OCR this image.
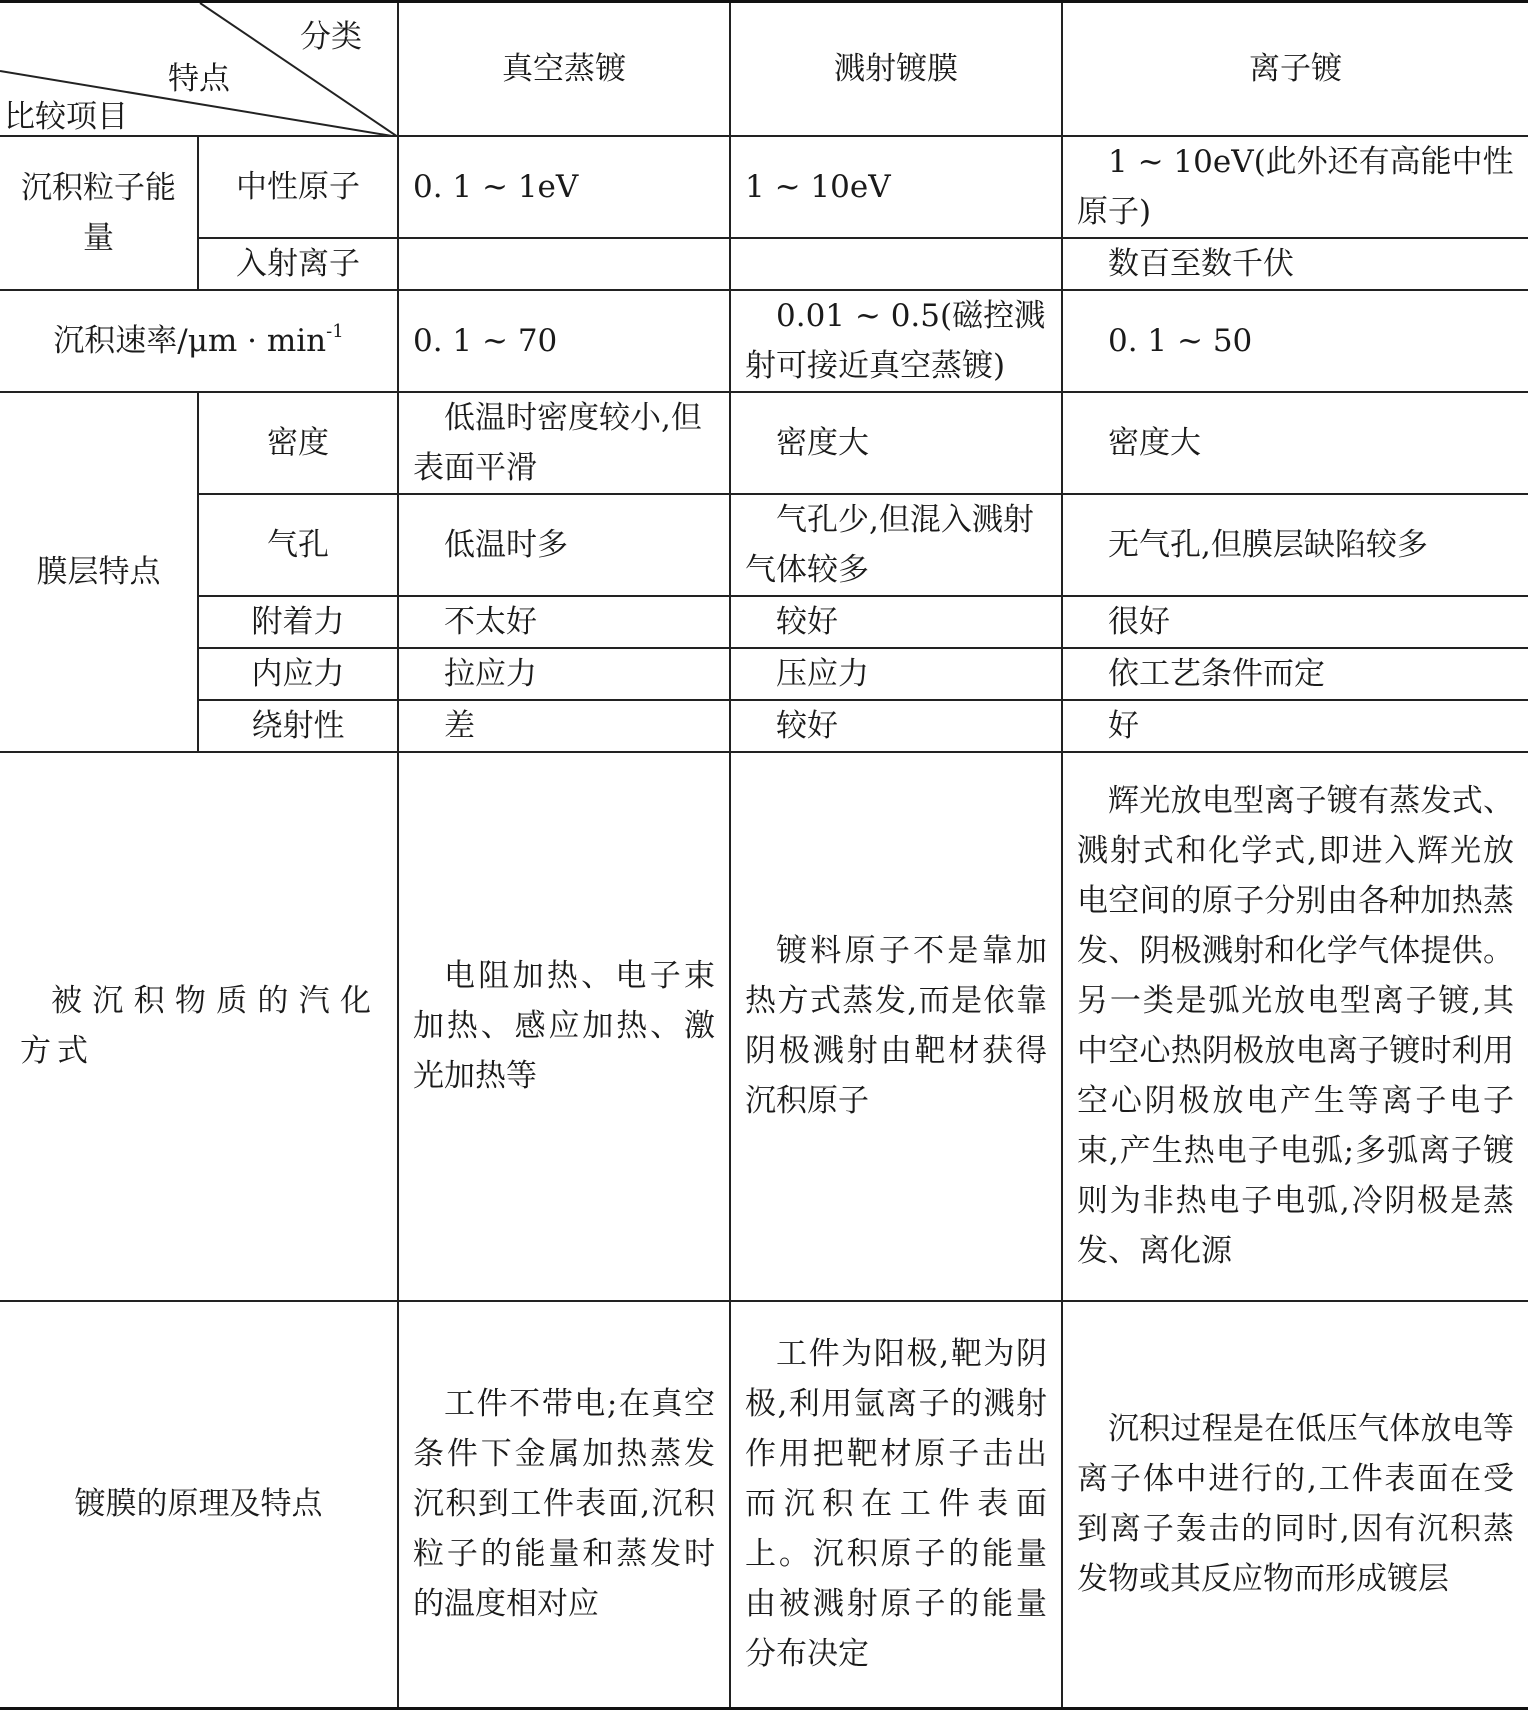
分类
特点
比较项目		真空蒸镀	溅射镀膜	离子镀
沉积粒子能量	中性原子	0. 1 ~ 1eV	1 ~ 10eV	1 ~ 10eV(此外还有高能中性原子)
	入射离子			数百至数千伏
沉积速率$/\mu m \cdot \min^{-1}$		0. 1 ~ 70	0.01 ~ 0.5(磁控溅射可接近真空蒸镀)	0. 1 ~ 50
膜层特点	密度	低温时密度较小,但表面平滑	密度大	密度大
	气孔	低温时多	气孔少,但混入溅射气体较多	无气孔,但膜层缺陷较多
	附着力	不太好	较好	很好
	内应力	拉应力	压应力	依工艺条件而定
	绕射性	差	较好	好
被沉积物质的汽化方式		电阻加热、电子束加热、感应加热、激光加热等	镀料原子不是靠加热方式蒸发,而是依靠阴极溅射由靶材获得沉积原子	辉光放电型离子镀有蒸发式、溅射式和化学式,即进入辉光放电空间的原子分别由各种加热蒸发、阴极溅射和化学气体提供。另一类是弧光放电型离子镀,其中空心热阴极放电离子镀时利用空心阴极放电产生等离子电子束,产生热电子电弧;多弧离子镀则为非热电子电弧,冷阴极是蒸发、离化源
镀膜的原理及特点		工件不带电;在真空条件下金属加热蒸发沉积到工件表面,沉积粒子的能量和蒸发时的温度相对应	工件为阳极,靶为阴极,利用氩离子的溅射作用把靶材原子击出而沉积在工件表面上。沉积原子的能量由被溅射原子的能量分布决定	沉积过程是在低压气体放电等离子体中进行的,工件表面在受到离子轰击的同时,因有沉积蒸发物或其反应物而形成镀层
